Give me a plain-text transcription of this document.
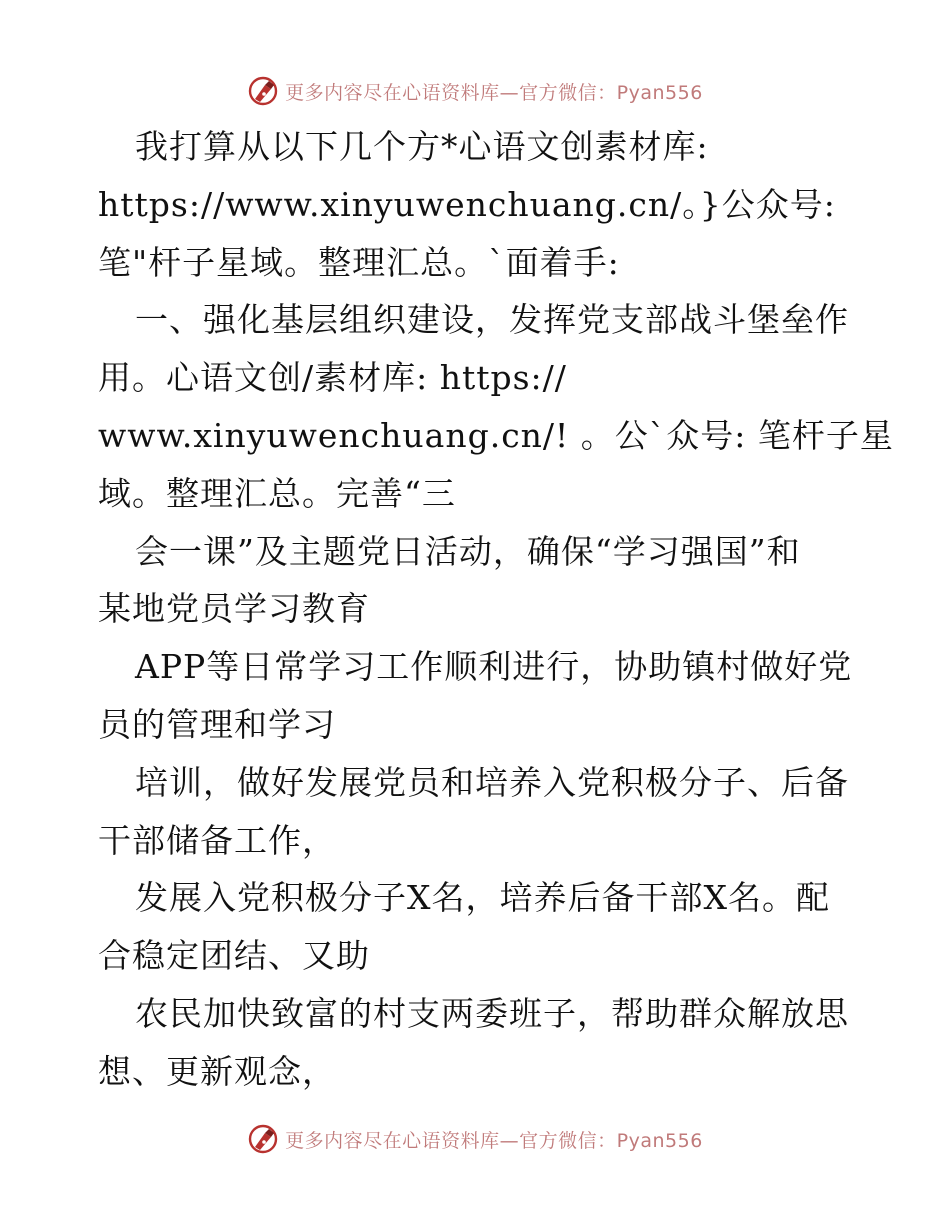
更多内容尽在心语资料库—官方微信：Pyan556
我打算从以下几个方*心语文创素材库:
https://www.xinyuwenchuang.cn/。}公众号:
笔"杆子星域。整理汇总。`面着手:
一、强化基层组织建设，发挥党支部战斗堡垒作
用。心语文创/素材库: https://
www.xinyuwenchuang.cn/! 。公`众号: 笔杆子星
域。整理汇总。完善“三
会一课”及主题党日活动，确保“学习强国”和
某地党员学习教育
APP等日常学习工作顺利进行，协助镇村做好党
员的管理和学习
培训，做好发展党员和培养入党积极分子、后备
干部储备工作，
发展入党积极分子X名，培养后备干部X名。配
合稳定团结、又助
农民加快致富的村支两委班子，帮助群众解放思
想、更新观念，
更多内容尽在心语资料库—官方微信：Pyan556
